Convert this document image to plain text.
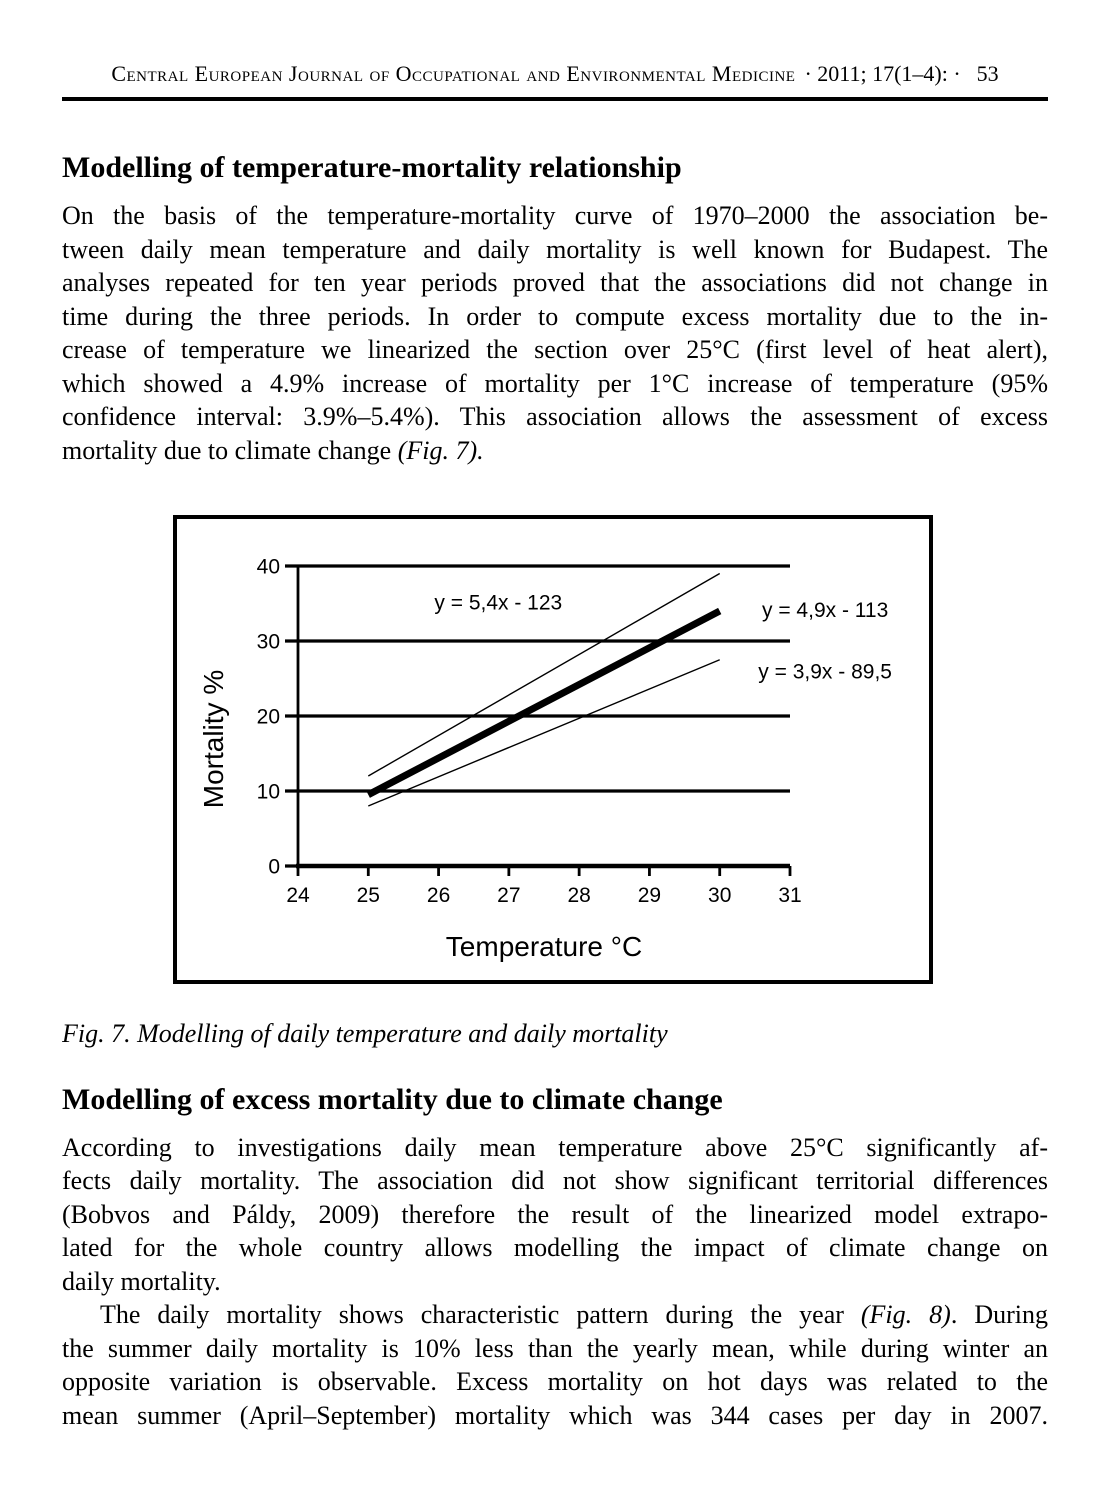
Central European Journal of Occupational and Environmental Medicine · 2011; 17(1–4): · 53
Modelling of temperature-mortality relationship
On the basis of the temperature-mortality curve of 1970–2000 the association be-
tween daily mean temperature and daily mortality is well known for Budapest. The
analyses repeated for ten year periods proved that the associations did not change in
time during the three periods. In order to compute excess mortality due to the in-
crease of temperature we linearized the section over 25°C (first level of heat alert),
which showed a 4.9% increase of mortality per 1°C increase of temperature (95%
confidence interval: 3.9%–5.4%). This association allows the assessment of excess
mortality due to climate change (Fig. 7).
0
10
20
30
40
24 25 26 27 28 29 30 31
y = 5,4x - 123	y = 4,9x - 113
y = 3,9x - 89,5
Temperature °C
Mortality %
Fig. 7. Modelling of daily temperature and daily mortality
Modelling of excess mortality due to climate change
According to investigations daily mean temperature above 25°C significantly af-
fects daily mortality. The association did not show significant territorial differences
(Bobvos and Páldy, 2009) therefore the result of the linearized model extrapo-
lated for the whole country allows modelling the impact of climate change on
daily mortality.
The daily mortality shows characteristic pattern during the year (Fig. 8). During
the summer daily mortality is 10% less than the yearly mean, while during winter an
opposite variation is observable. Excess mortality on hot days was related to the
mean summer (April–September) mortality which was 344 cases per day in 2007.
